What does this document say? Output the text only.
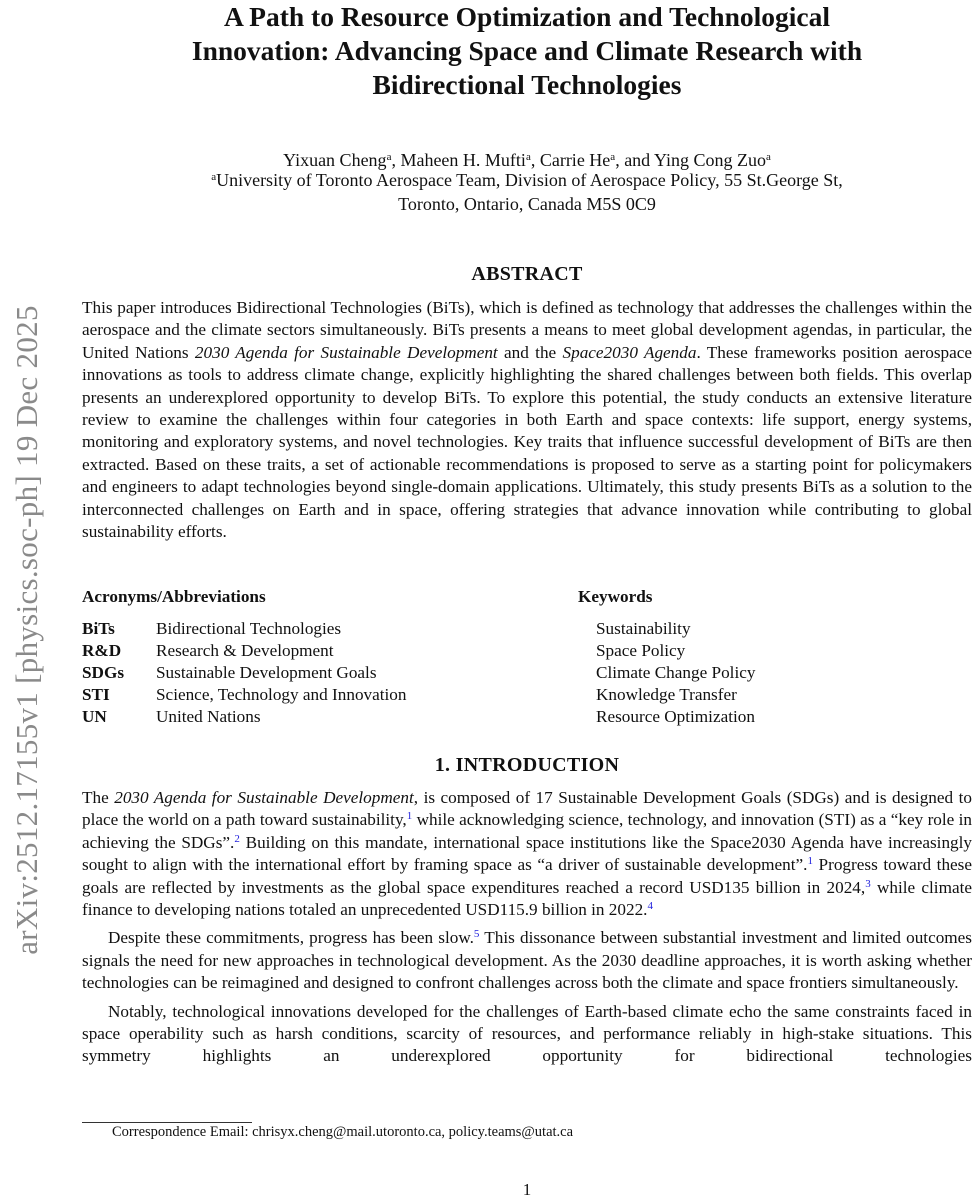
arXiv:2512.17155v1 [physics.soc-ph] 19 Dec 2025
A Path to Resource Optimization and Technological
Innovation: Advancing Space and Climate Research with
Bidirectional Technologies
Yixuan Cheng$^a$, Maheen H. Mufti$^a$, Carrie He$^a$, and Ying Cong Zuo$^a$
$^a$University of Toronto Aerospace Team, Division of Aerospace Policy, 55 St.George St,
Toronto, Ontario, Canada M5S 0C9
ABSTRACT
This paper introduces Bidirectional Technologies (BiTs), which is defined as technology that addresses the challenges within the aerospace and the climate sectors simultaneously. BiTs presents a means to meet global development agendas, in particular, the United Nations 2030 Agenda for Sustainable Development and the Space2030 Agenda. These frameworks position aerospace innovations as tools to address climate change, explicitly highlighting the shared challenges between both fields. This overlap presents an underexplored opportunity to develop BiTs. To explore this potential, the study conducts an extensive literature review to examine the challenges within four categories in both Earth and space contexts: life support, energy systems, monitoring and exploratory systems, and novel technologies. Key traits that influence successful development of BiTs are then extracted. Based on these traits, a set of actionable recommendations is proposed to serve as a starting point for policymakers and engineers to adapt technologies beyond single-domain applications. Ultimately, this study presents BiTs as a solution to the interconnected challenges on Earth and in space, offering strategies that advance innovation while contributing to global sustainability efforts.
Acronyms/Abbreviations	Keywords
BiTs	Bidirectional Technologies
R&D	Research & Development
SDGs	Sustainable Development Goals
STI	Science, Technology and Innovation
UN	United Nations
Sustainability
Space Policy
Climate Change Policy
Knowledge Transfer
Resource Optimization
1. INTRODUCTION

The 2030 Agenda for Sustainable Development, is composed of 17 Sustainable Development Goals (SDGs) and is designed to place the world on a path toward sustainability,$^1$ while acknowledging science, technology, and innovation (STI) as a “key role in achieving the SDGs”.$^2$ Building on this mandate, international space institutions like the Space2030 Agenda have increasingly sought to align with the international effort by framing space as “a driver of sustainable development”.$^1$ Progress toward these goals are reflected by investments as the global space expenditures reached a record USD135 billion in 2024,$^3$ while climate finance to developing nations totaled an unprecedented USD115.9 billion in 2022.$^4$

Despite these commitments, progress has been slow.$^5$ This dissonance between substantial investment and limited outcomes signals the need for new approaches in technological development. As the 2030 deadline approaches, it is worth asking whether technologies can be reimagined and designed to confront challenges across both the climate and space frontiers simultaneously.

Notably, technological innovations developed for the challenges of Earth-based climate echo the same constraints faced in space operability such as harsh conditions, scarcity of resources, and performance reliably in high-stake situations. This symmetry highlights an underexplored opportunity for bidirectional technologies

Correspondence Email: chrisyx.cheng@mail.utoronto.ca, policy.teams@utat.ca
1
